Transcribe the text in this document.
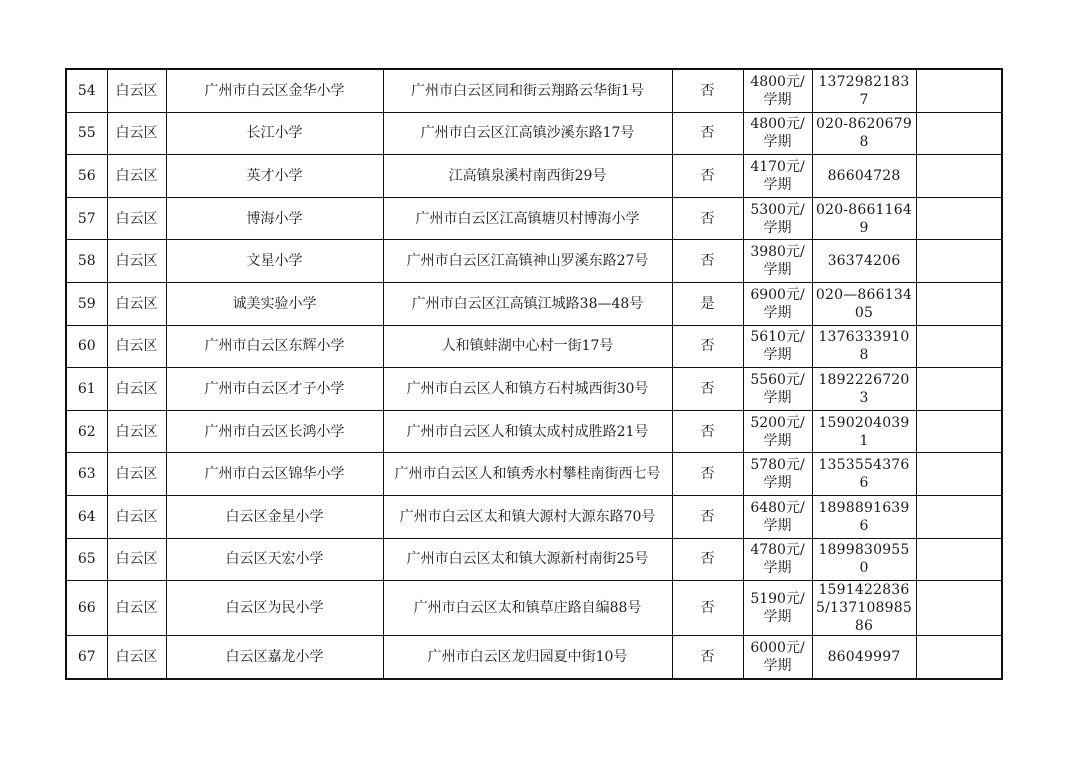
54	白云区	广州市白云区金华小学	广州市白云区同和街云翔路云华街1号	否	4800元/学期	13729821837	
55	白云区	长江小学	广州市白云区江高镇沙溪东路17号	否	4800元/学期	020-86206798	
56	白云区	英才小学	江高镇泉溪村南西街29号	否	4170元/学期	86604728	
57	白云区	博海小学	广州市白云区江高镇塘贝村博海小学	否	5300元/学期	020-86611649	
58	白云区	文星小学	广州市白云区江高镇神山罗溪东路27号	否	3980元/学期	36374206	
59	白云区	诚美实验小学	广州市白云区江高镇江城路38—48号	是	6900元/学期	020—86613405	
60	白云区	广州市白云区东辉小学	人和镇蚌湖中心村一街17号	否	5610元/学期	13763339108	
61	白云区	广州市白云区才子小学	广州市白云区人和镇方石村城西街30号	否	5560元/学期	18922267203	
62	白云区	广州市白云区长鸿小学	广州市白云区人和镇太成村成胜路21号	否	5200元/学期	15902040391	
63	白云区	广州市白云区锦华小学	广州市白云区人和镇秀水村攀桂南街西七号	否	5780元/学期	13535543766	
64	白云区	白云区金星小学	广州市白云区太和镇大源村大源东路70号	否	6480元/学期	18988916396	
65	白云区	白云区天宏小学	广州市白云区太和镇大源新村南街25号	否	4780元/学期	18998309550	
66	白云区	白云区为民小学	广州市白云区太和镇草庄路自编88号	否	5190元/学期	15914228365/13710898586	
67	白云区	白云区嘉龙小学	广州市白云区龙归园夏中街10号	否	6000元/学期	86049997	
